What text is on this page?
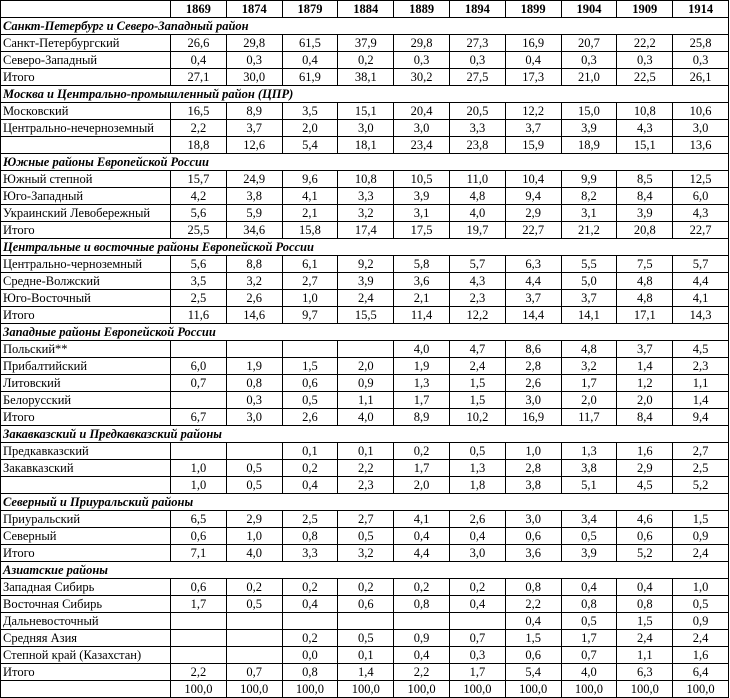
	1869	1874	1879	1884	1889	1894	1899	1904	1909	1914
Санкт-Петербург и Северо-Западный район										
Санкт-Петербургский	26,6	29,8	61,5	37,9	29,8	27,3	16,9	20,7	22,2	25,8
Северо-Западный	0,4	0,3	0,4	0,2	0,3	0,3	0,4	0,3	0,3	0,3
Итого	27,1	30,0	61,9	38,1	30,2	27,5	17,3	21,0	22,5	26,1
Москва и Центрально-промышленный район (ЦПР)										
Московский	16,5	8,9	3,5	15,1	20,4	20,5	12,2	15,0	10,8	10,6
Центрально-нечерноземный	2,2	3,7	2,0	3,0	3,0	3,3	3,7	3,9	4,3	3,0
	18,8	12,6	5,4	18,1	23,4	23,8	15,9	18,9	15,1	13,6
Южные районы Европейской России										
Южный степной	15,7	24,9	9,6	10,8	10,5	11,0	10,4	9,9	8,5	12,5
Юго-Западный	4,2	3,8	4,1	3,3	3,9	4,8	9,4	8,2	8,4	6,0
Украинский Левобережный	5,6	5,9	2,1	3,2	3,1	4,0	2,9	3,1	3,9	4,3
Итого	25,5	34,6	15,8	17,4	17,5	19,7	22,7	21,2	20,8	22,7
Центральные и восточные районы Европейской России										
Центрально-черноземный	5,6	8,8	6,1	9,2	5,8	5,7	6,3	5,5	7,5	5,7
Средне-Волжский	3,5	3,2	2,7	3,9	3,6	4,3	4,4	5,0	4,8	4,4
Юго-Восточный	2,5	2,6	1,0	2,4	2,1	2,3	3,7	3,7	4,8	4,1
Итого	11,6	14,6	9,7	15,5	11,4	12,2	14,4	14,1	17,1	14,3
Западные районы Европейской России										
Польский**					4,0	4,7	8,6	4,8	3,7	4,5
Прибалтийский	6,0	1,9	1,5	2,0	1,9	2,4	2,8	3,2	1,4	2,3
Литовский	0,7	0,8	0,6	0,9	1,3	1,5	2,6	1,7	1,2	1,1
Белорусский		0,3	0,5	1,1	1,7	1,5	3,0	2,0	2,0	1,4
Итого	6,7	3,0	2,6	4,0	8,9	10,2	16,9	11,7	8,4	9,4
Закавказский и Предкавказский районы										
Предкавказский			0,1	0,1	0,2	0,5	1,0	1,3	1,6	2,7
Закавказский	1,0	0,5	0,2	2,2	1,7	1,3	2,8	3,8	2,9	2,5
	1,0	0,5	0,4	2,3	2,0	1,8	3,8	5,1	4,5	5,2
Северный и Приуральский районы										
Приуральский	6,5	2,9	2,5	2,7	4,1	2,6	3,0	3,4	4,6	1,5
Северный	0,6	1,0	0,8	0,5	0,4	0,4	0,6	0,5	0,6	0,9
Итого	7,1	4,0	3,3	3,2	4,4	3,0	3,6	3,9	5,2	2,4
Азиатские районы										
Западная Сибирь	0,6	0,2	0,2	0,2	0,2	0,2	0,8	0,4	0,4	1,0
Восточная Сибирь	1,7	0,5	0,4	0,6	0,8	0,4	2,2	0,8	0,8	0,5
Дальневосточный							0,4	0,5	1,5	0,9
Средняя Азия			0,2	0,5	0,9	0,7	1,5	1,7	2,4	2,4
Степной край (Казахстан)			0,0	0,1	0,4	0,3	0,6	0,7	1,1	1,6
Итого	2,2	0,7	0,8	1,4	2,2	1,7	5,4	4,0	6,3	6,4
	100,0	100,0	100,0	100,0	100,0	100,0	100,0	100,0	100,0	100,0
